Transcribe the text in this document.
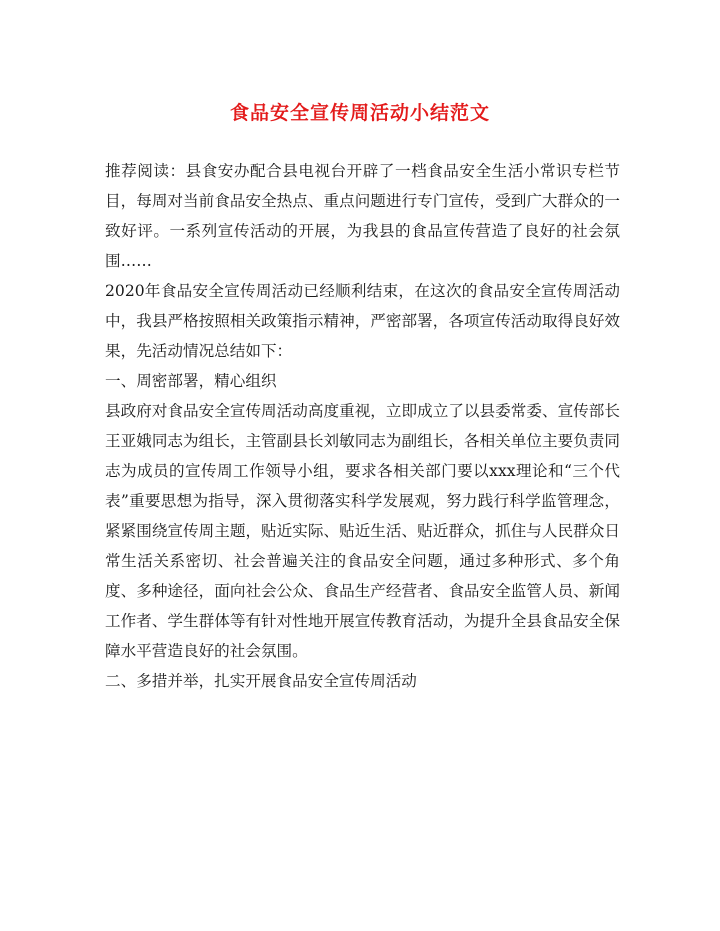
食品安全宣传周活动小结范文

推荐阅读：县食安办配合县电视台开辟了一档食品安全生活小常识专栏节目，每周对当前食品安全热点、重点问题进行专门宣传，受到广大群众的一致好评。一系列宣传活动的开展，为我县的食品宣传营造了良好的社会氛围……

2020年食品安全宣传周活动已经顺利结束，在这次的食品安全宣传周活动中，我县严格按照相关政策指示精神，严密部署，各项宣传活动取得良好效果，先活动情况总结如下：

一、周密部署，精心组织

县政府对食品安全宣传周活动高度重视，立即成立了以县委常委、宣传部长王亚娥同志为组长，主管副县长刘敏同志为副组长，各相关单位主要负责同志为成员的宣传周工作领导小组，要求各相关部门要以xxx理论和“三个代表”重要思想为指导，深入贯彻落实科学发展观，努力践行科学监管理念，紧紧围绕宣传周主题，贴近实际、贴近生活、贴近群众，抓住与人民群众日常生活关系密切、社会普遍关注的食品安全问题，通过多种形式、多个角度、多种途径，面向社会公众、食品生产经营者、食品安全监管人员、新闻工作者、学生群体等有针对性地开展宣传教育活动，为提升全县食品安全保障水平营造良好的社会氛围。

二、多措并举，扎实开展食品安全宣传周活动
